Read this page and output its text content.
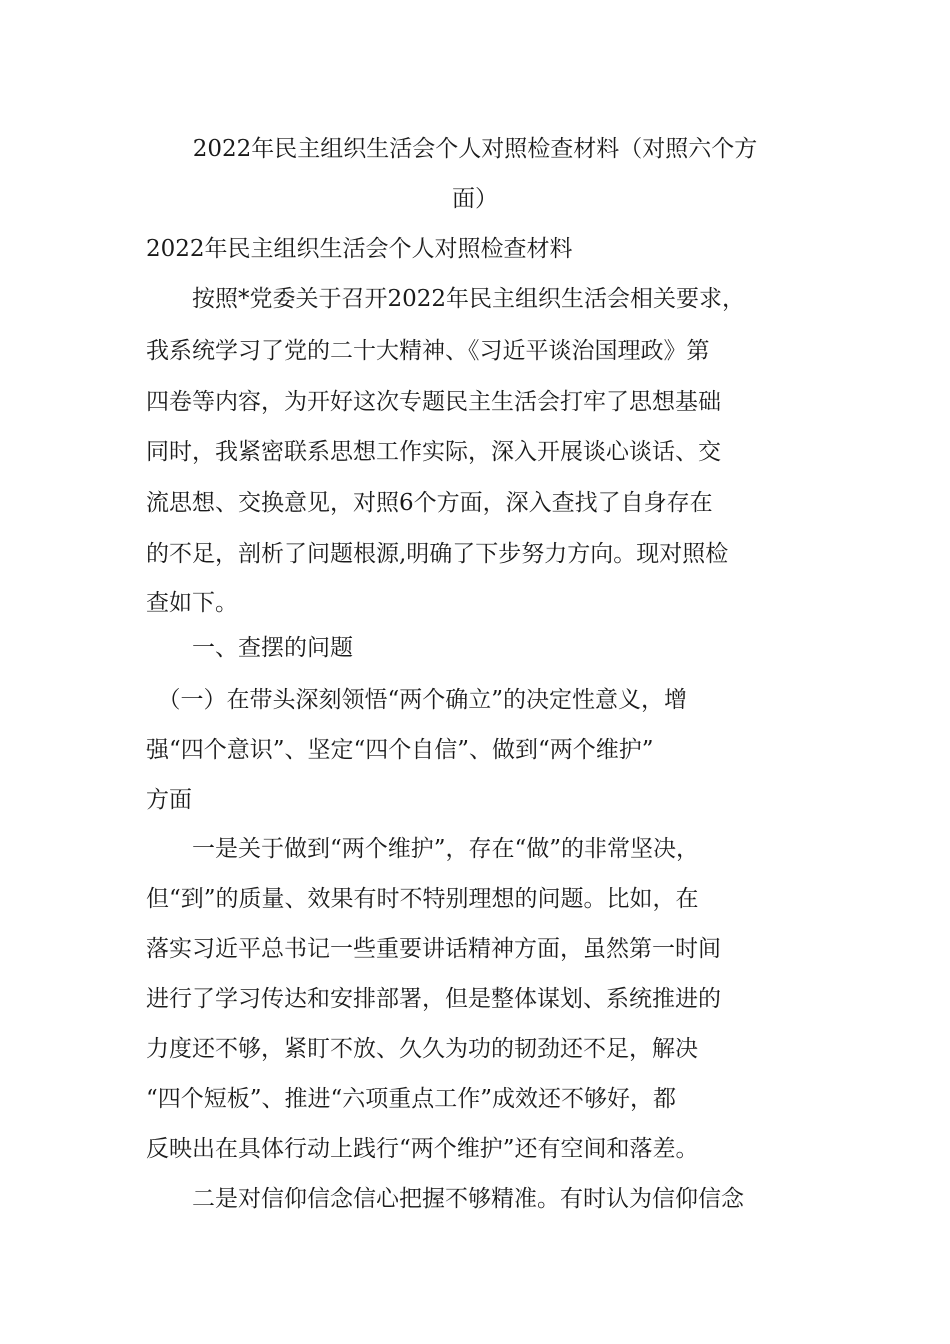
2022年民主组织生活会个人对照检查材料（对照六个方
面）

2022年民主组织生活会个人对照检查材料

　　按照*党委关于召开2022年民主组织生活会相关要求，

我系统学习了党的二十大精神、《习近平谈治国理政》第

四卷等内容，为开好这次专题民主生活会打牢了思想基础

同时，我紧密联系思想工作实际，深入开展谈心谈话、交

流思想、交换意见，对照6个方面，深入查找了自身存在

的不足，剖析了问题根源,明确了下步努力方向。现对照检

查如下。

　　一、查摆的问题

　（一）在带头深刻领悟“两个确立”的决定性意义，增

强“四个意识”、坚定“四个自信”、做到“两个维护”

方面

　　一是关于做到“两个维护”，存在“做”的非常坚决，

但“到”的质量、效果有时不特别理想的问题。比如，在

落实习近平总书记一些重要讲话精神方面，虽然第一时间

进行了学习传达和安排部署，但是整体谋划、系统推进的

力度还不够，紧盯不放、久久为功的韧劲还不足，解决

“四个短板”、推进“六项重点工作”成效还不够好，都

反映出在具体行动上践行“两个维护”还有空间和落差。

　　二是对信仰信念信心把握不够精准。有时认为信仰信念
